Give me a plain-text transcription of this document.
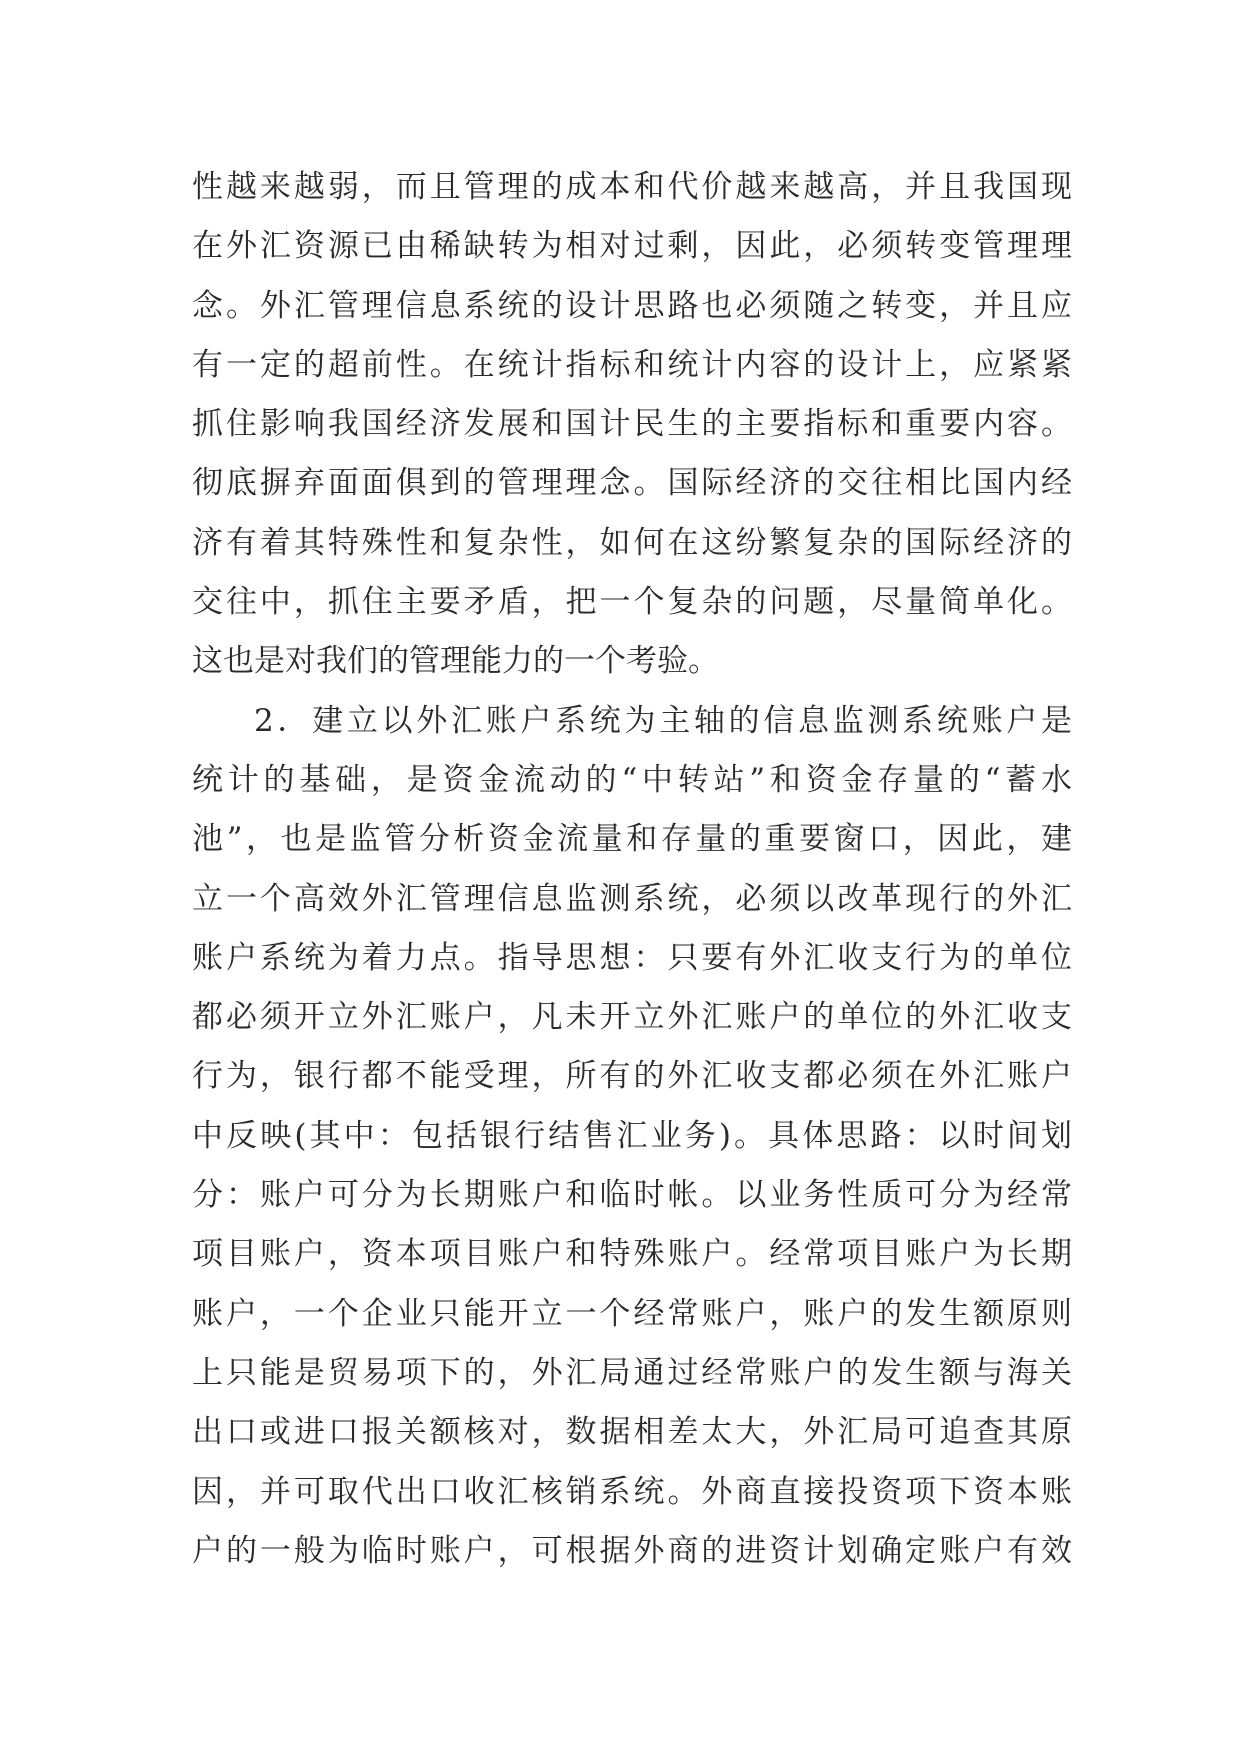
性越来越弱，而且管理的成本和代价越来越高，并且我国现
在外汇资源已由稀缺转为相对过剩，因此，必须转变管理理
念。外汇管理信息系统的设计思路也必须随之转变，并且应
有一定的超前性。在统计指标和统计内容的设计上，应紧紧
抓住影响我国经济发展和国计民生的主要指标和重要内容。
彻底摒弃面面俱到的管理理念。国际经济的交往相比国内经
济有着其特殊性和复杂性，如何在这纷繁复杂的国际经济的
交往中，抓住主要矛盾，把一个复杂的问题，尽量简单化。
这也是对我们的管理能力的一个考验。
2．建立以外汇账户系统为主轴的信息监测系统账户是
统计的基础，是资金流动的“中转站”和资金存量的“蓄水
池”，也是监管分析资金流量和存量的重要窗口，因此，建
立一个高效外汇管理信息监测系统，必须以改革现行的外汇
账户系统为着力点。指导思想：只要有外汇收支行为的单位
都必须开立外汇账户，凡未开立外汇账户的单位的外汇收支
行为，银行都不能受理，所有的外汇收支都必须在外汇账户
中反映(其中：包括银行结售汇业务)。具体思路：以时间划
分：账户可分为长期账户和临时帐。以业务性质可分为经常
项目账户，资本项目账户和特殊账户。经常项目账户为长期
账户，一个企业只能开立一个经常账户，账户的发生额原则
上只能是贸易项下的，外汇局通过经常账户的发生额与海关
出口或进口报关额核对，数据相差太大，外汇局可追查其原
因，并可取代出口收汇核销系统。外商直接投资项下资本账
户的一般为临时账户，可根据外商的进资计划确定账户有效
